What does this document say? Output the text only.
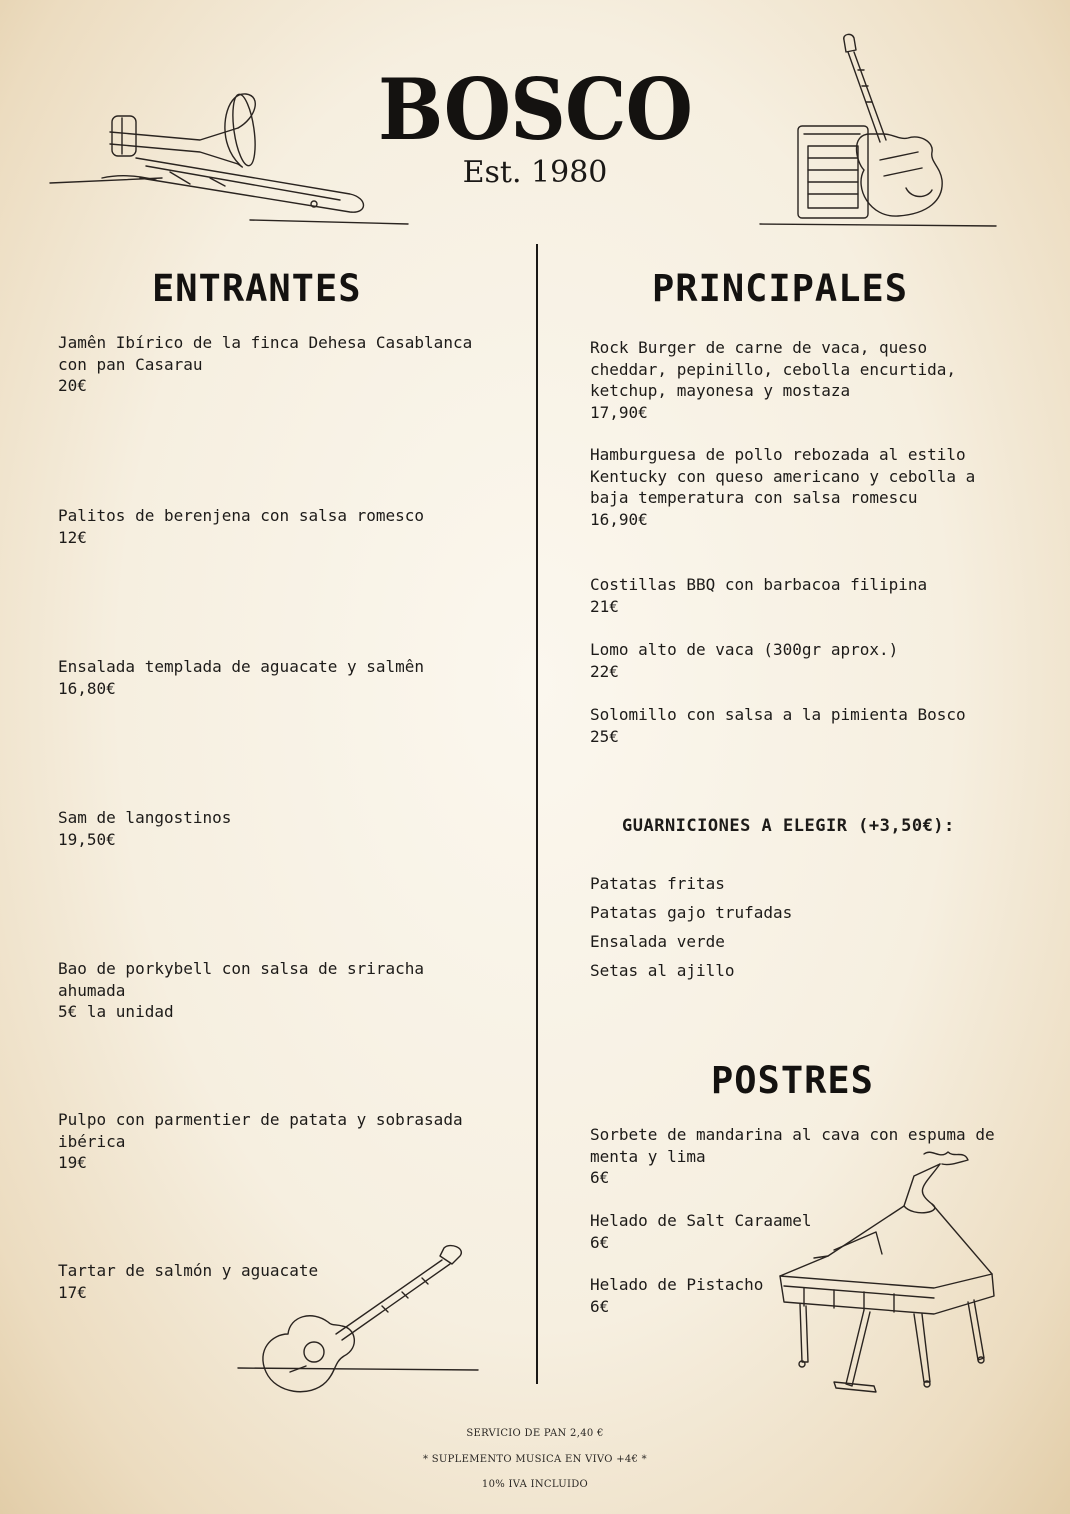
BOSCO
Est. 1980
ENTRANTES
Jamên Ibírico de la finca Dehesa Casablanca con pan Casarau
20€
Palitos de berenjena con salsa romesco
12€
Ensalada templada de aguacate y salmên
16,80€
Sam de langostinos
19,50€
Bao de porkybell con salsa de sriracha ahumada
5€ la unidad
Pulpo con parmentier de patata y sobrasada ibérica
19€
Tartar de salmón y aguacate
17€
PRINCIPALES
Rock Burger de carne de vaca, queso cheddar, pepinillo, cebolla encurtida, ketchup, mayonesa y mostaza
17,90€
Hamburguesa de pollo rebozada al estilo Kentucky con queso americano y cebolla a baja temperatura con salsa romescu
16,90€
Costillas BBQ con barbacoa filipina
21€
Lomo alto de vaca (300gr aprox.)
22€
Solomillo con salsa a la pimienta Bosco
25€
GUARNICIONES A ELEGIR (+3,50€):
Patatas fritas
Patatas gajo trufadas
Ensalada verde
Setas al ajillo
POSTRES
Sorbete de mandarina al cava con espuma de menta y lima
6€
Helado de Salt Caraamel
6€
Helado de Pistacho
6€
SERVICIO DE PAN 2,40 €
* SUPLEMENTO MUSICA EN VIVO +4€ *
10% IVA INCLUIDO
